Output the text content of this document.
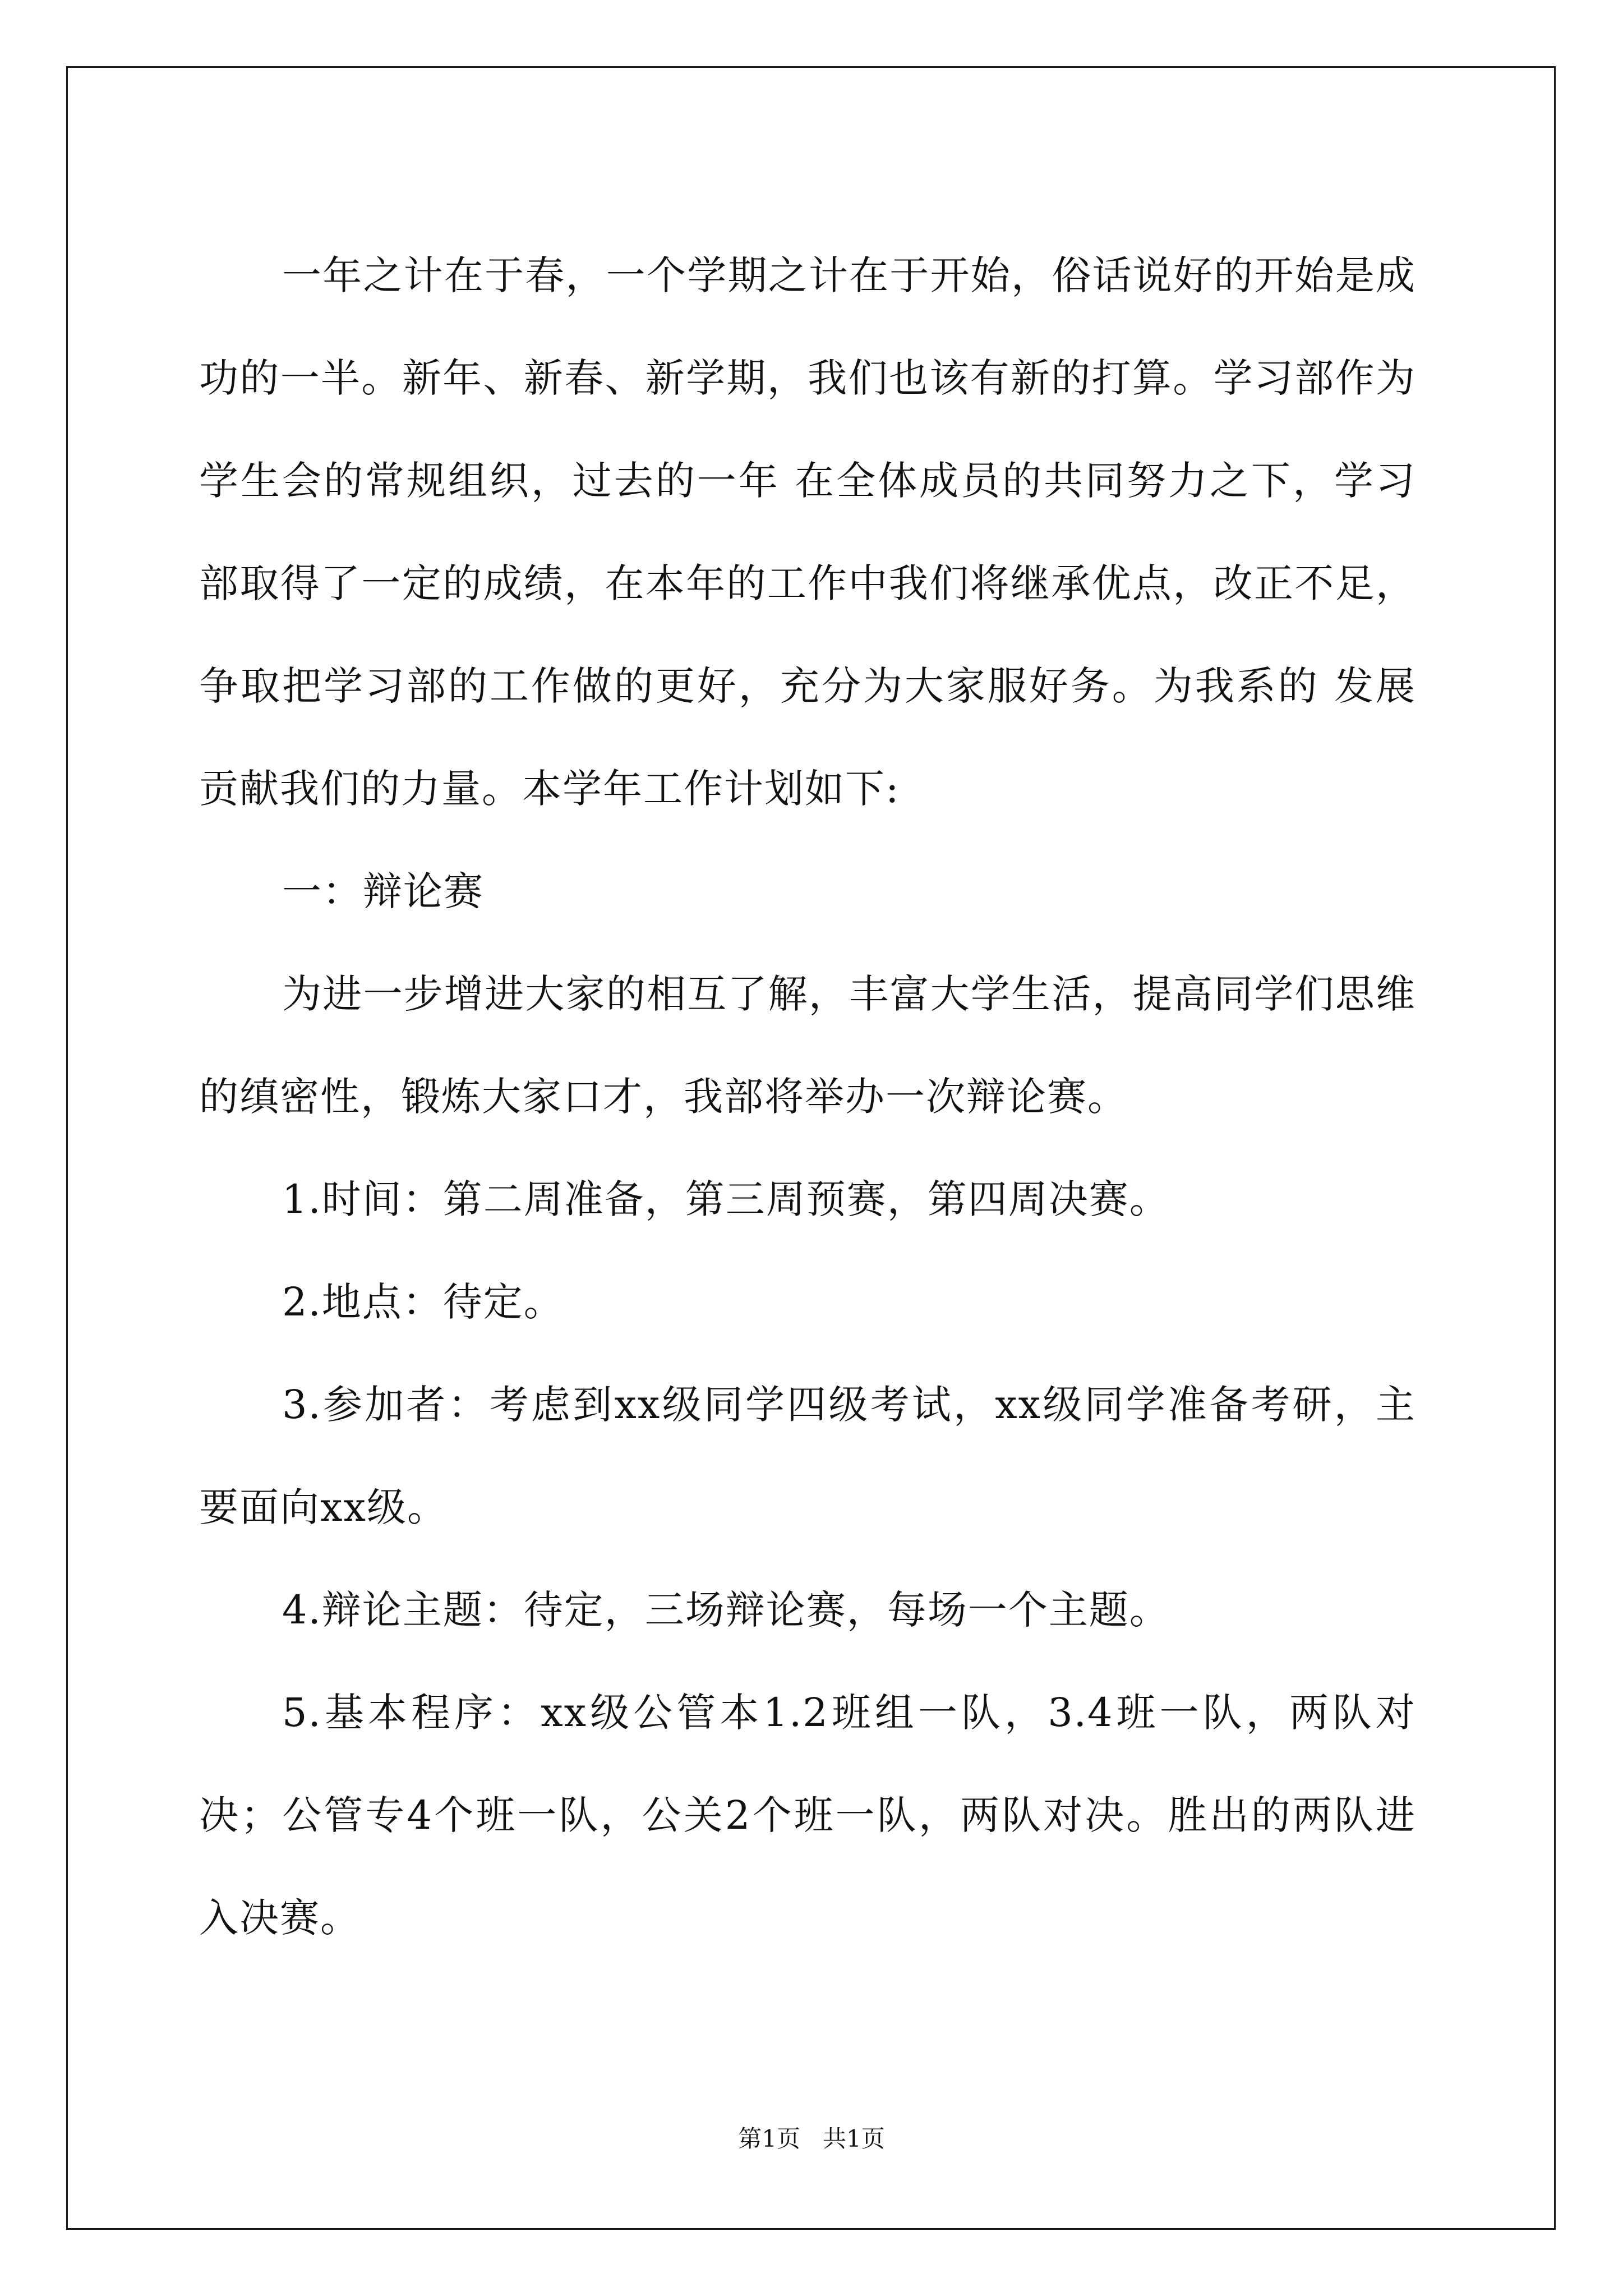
一年之计在于春，一个学期之计在于开始，俗话说好的开始是成功的一半。新年、新春、新学期，我们也该有新的打算。学习部作为学生会的常规组织，过去的一年 在全体成员的共同努力之下，学习部取得了一定的成绩，在本年的工作中我们将继承优点，改正不足，争取把学习部的工作做的更好，充分为大家服好务。为我系的 发展贡献我们的力量。本学年工作计划如下:

一：辩论赛

为进一步增进大家的相互了解，丰富大学生活，提高同学们思维的缜密性，锻炼大家口才，我部将举办一次辩论赛。

1.时间：第二周准备，第三周预赛，第四周决赛。

2.地点：待定。

3.参加者：考虑到xx级同学四级考试，xx级同学准备考研，主要面向xx级。

4.辩论主题：待定，三场辩论赛，每场一个主题。

5.基本程序：xx级公管本1.2班组一队，3.4班一队，两队对决；公管专4个班一队，公关2个班一队，两队对决。胜出的两队进入决赛。

第1页   共1页
